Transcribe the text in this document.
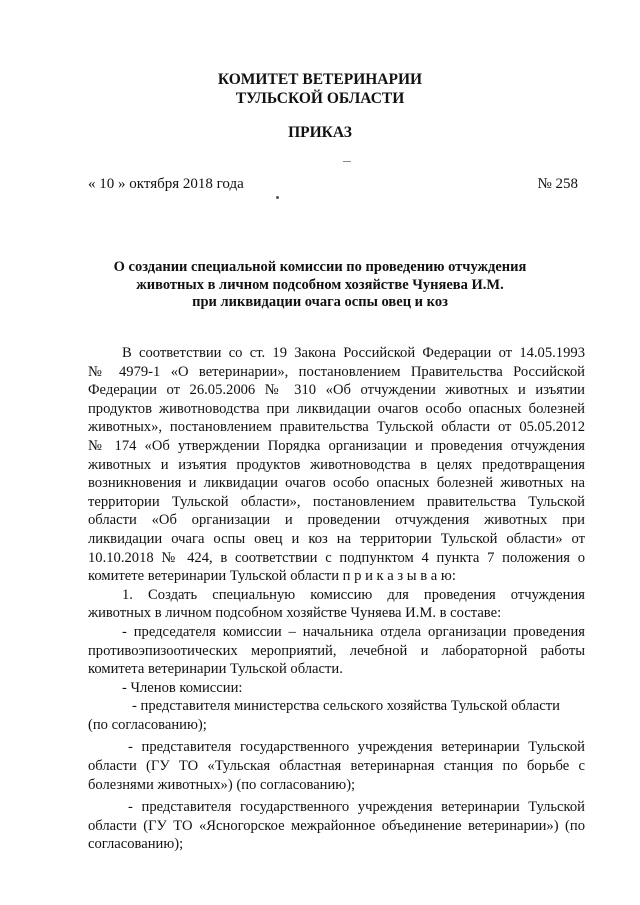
КОМИТЕТ ВЕТЕРИНАРИИ
ТУЛЬСКОЙ ОБЛАСТИ
ПРИКАЗ
« 10 » октября 2018 года	№ 258
О создании специальной комиссии по проведению отчуждения
животных в личном подсобном хозяйстве Чуняева И.М.
при ликвидации очага оспы овец и коз
В соответствии со ст. 19 Закона Российской Федерации от 14.05.1993
№ 4979-1 «О ветеринарии», постановлением Правительства Российской
Федерации от 26.05.2006 № 310 «Об отчуждении животных и изъятии
продуктов животноводства при ликвидации очагов особо опасных болезней
животных», постановлением правительства Тульской области от 05.05.2012
№ 174 «Об утверждении Порядка организации и проведения отчуждения
животных и изъятия продуктов животноводства в целях предотвращения
возникновения и ликвидации очагов особо опасных болезней животных на
территории Тульской области», постановлением правительства Тульской
области «Об организации и проведении отчуждения животных при
ликвидации очага оспы овец и коз на территории Тульской области» от
10.10.2018 № 424, в соответствии с подпунктом 4 пункта 7 положения о
комитете ветеринарии Тульской области п р и к а з ы в а ю:
1. Создать специальную комиссию для проведения отчуждения
животных в личном подсобном хозяйстве Чуняева И.М. в составе:
- председателя комиссии – начальника отдела организации проведения
противоэпизоотических мероприятий, лечебной и лабораторной работы
комитета ветеринарии Тульской области.
- Членов комиссии:
- представителя министерства сельского хозяйства Тульской области
(по согласованию);
- представителя государственного учреждения ветеринарии Тульской
области (ГУ ТО «Тульская областная ветеринарная станция по борьбе с
болезнями животных») (по согласованию);
- представителя государственного учреждения ветеринарии Тульской
области (ГУ ТО «Ясногорское межрайонное объединение ветеринарии») (по
согласованию);
